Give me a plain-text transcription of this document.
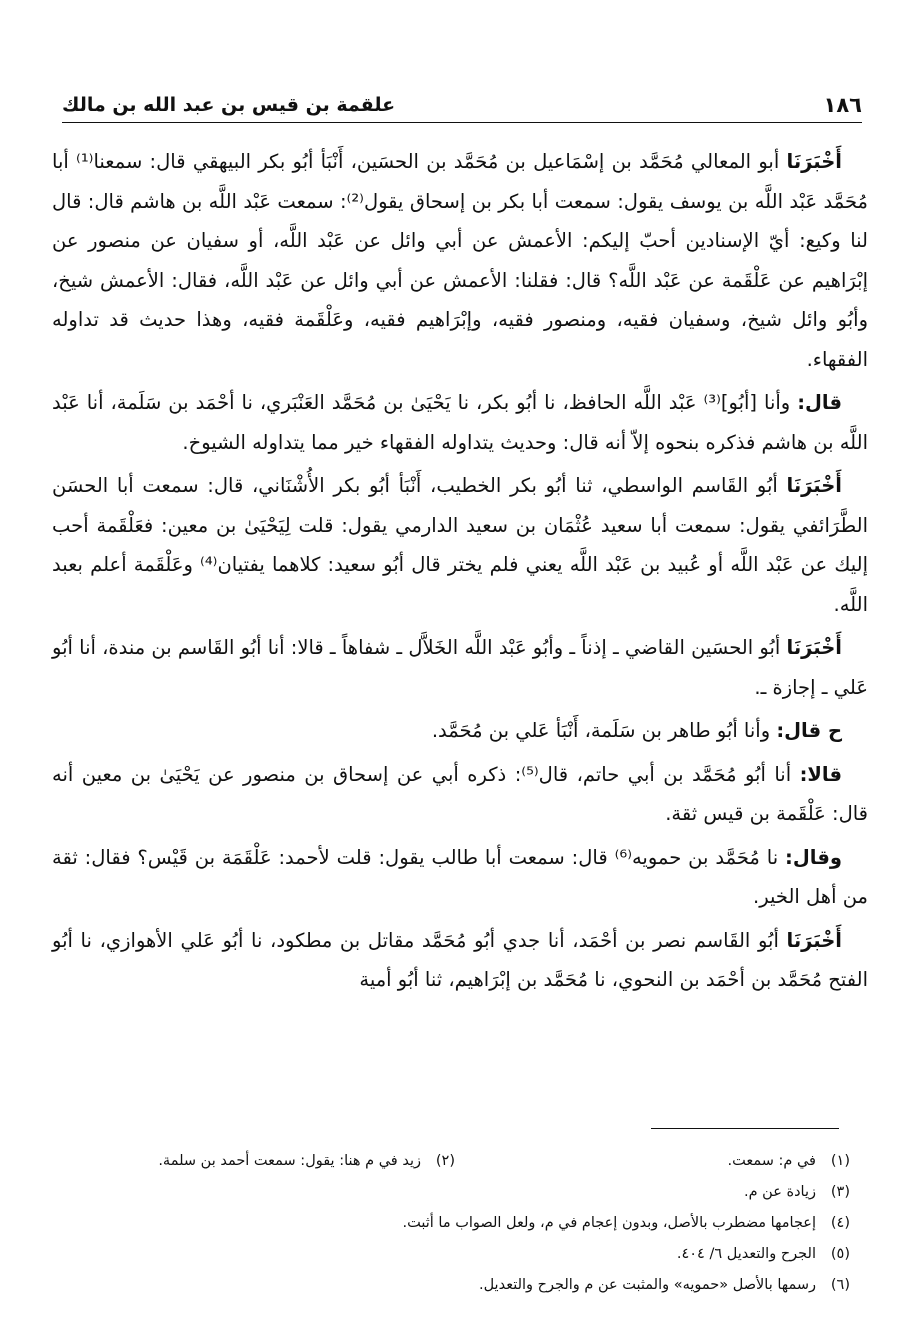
١٨٦
علقمة بن قيس بن عبد الله بن مالك

أَخْبَرَنَا أبو المعالي مُحَمَّد بن إسْمَاعيل بن مُحَمَّد بن الحسَين، أَنْبَأ أبُو بكر البيهقي قال: سمعنا⁽¹⁾ أبا مُحَمَّد عَبْد اللَّه بن يوسف يقول: سمعت أبا بكر بن إسحاق يقول⁽²⁾: سمعت عَبْد اللَّه بن هاشم قال: قال لنا وكيع: أيّ الإسنادين أحبّ إليكم: الأعمش عن أبي وائل عن عَبْد اللَّه، أو سفيان عن منصور عن إبْرَاهيم عن عَلْقَمة عن عَبْد اللَّه؟ قال: فقلنا: الأعمش عن أبي وائل عن عَبْد اللَّه، فقال: الأعمش شيخ، وأبُو وائل شيخ، وسفيان فقيه، ومنصور فقيه، وإبْرَاهيم فقيه، وعَلْقَمة فقيه، وهذا حديث قد تداوله الفقهاء.

قال: وأنا [أبُو]⁽³⁾ عَبْد اللَّه الحافظ، نا أبُو بكر، نا يَحْيَىٰ بن مُحَمَّد العَنْبَري، نا أحْمَد بن سَلَمة، أنا عَبْد اللَّه بن هاشم فذكره بنحوه إلاّ أنه قال: وحديث يتداوله الفقهاء خير مما يتداوله الشيوخ.

أَخْبَرَنَا أبُو القَاسم الواسطي، ثنا أبُو بكر الخطيب، أَنْبَأ أبُو بكر الأُشْنَاني، قال: سمعت أبا الحسَن الطَّرَائفي يقول: سمعت أبا سعيد عُثْمَان بن سعيد الدارمي يقول: قلت لِيَحْيَىٰ بن معين: فعَلْقَمة أحب إليك عن عَبْد اللَّه أو عُبيد بن عَبْد اللَّه يعني فلم يختر قال أبُو سعيد: كلاهما يفتيان⁽⁴⁾ وعَلْقَمة أعلم بعبد اللَّه.

أَخْبَرَنَا أبُو الحسَين القاضي ـ إذناً ـ وأبُو عَبْد اللَّه الخَلاَّل ـ شفاهاً ـ قالا: أنا أبُو القَاسم بن مندة، أنا أبُو عَلي ـ إجازة ـ.

ح قال: وأنا أبُو طاهر بن سَلَمة، أَنْبَأ عَلي بن مُحَمَّد.

قالا: أنا أبُو مُحَمَّد بن أبي حاتم، قال⁽⁵⁾: ذكره أبي عن إسحاق بن منصور عن يَحْيَىٰ بن معين أنه قال: عَلْقَمة بن قيس ثقة.

وقال: نا مُحَمَّد بن حمويه⁽⁶⁾ قال: سمعت أبا طالب يقول: قلت لأحمد: عَلْقَمَة بن قَيْس؟ فقال: ثقة من أهل الخير.

أَخْبَرَنَا أبُو القَاسم نصر بن أحْمَد، أنا جدي أبُو مُحَمَّد مقاتل بن مطكود، نا أبُو عَلي الأهوازي، نا أبُو الفتح مُحَمَّد بن أحْمَد بن النحوي، نا مُحَمَّد بن إبْرَاهيم، ثنا أبُو أمية

(١)
في م: سمعت.
(٢)
زيد في م هنا: يقول: سمعت أحمد بن سلمة.
(٣)
زيادة عن م.
(٤)
إعجامها مضطرب بالأصل، وبدون إعجام في م، ولعل الصواب ما أثبت.
(٥)
الجرح والتعديل ٦/ ٤٠٤.
(٦)
رسمها بالأصل «حمويه» والمثبت عن م والجرح والتعديل.
